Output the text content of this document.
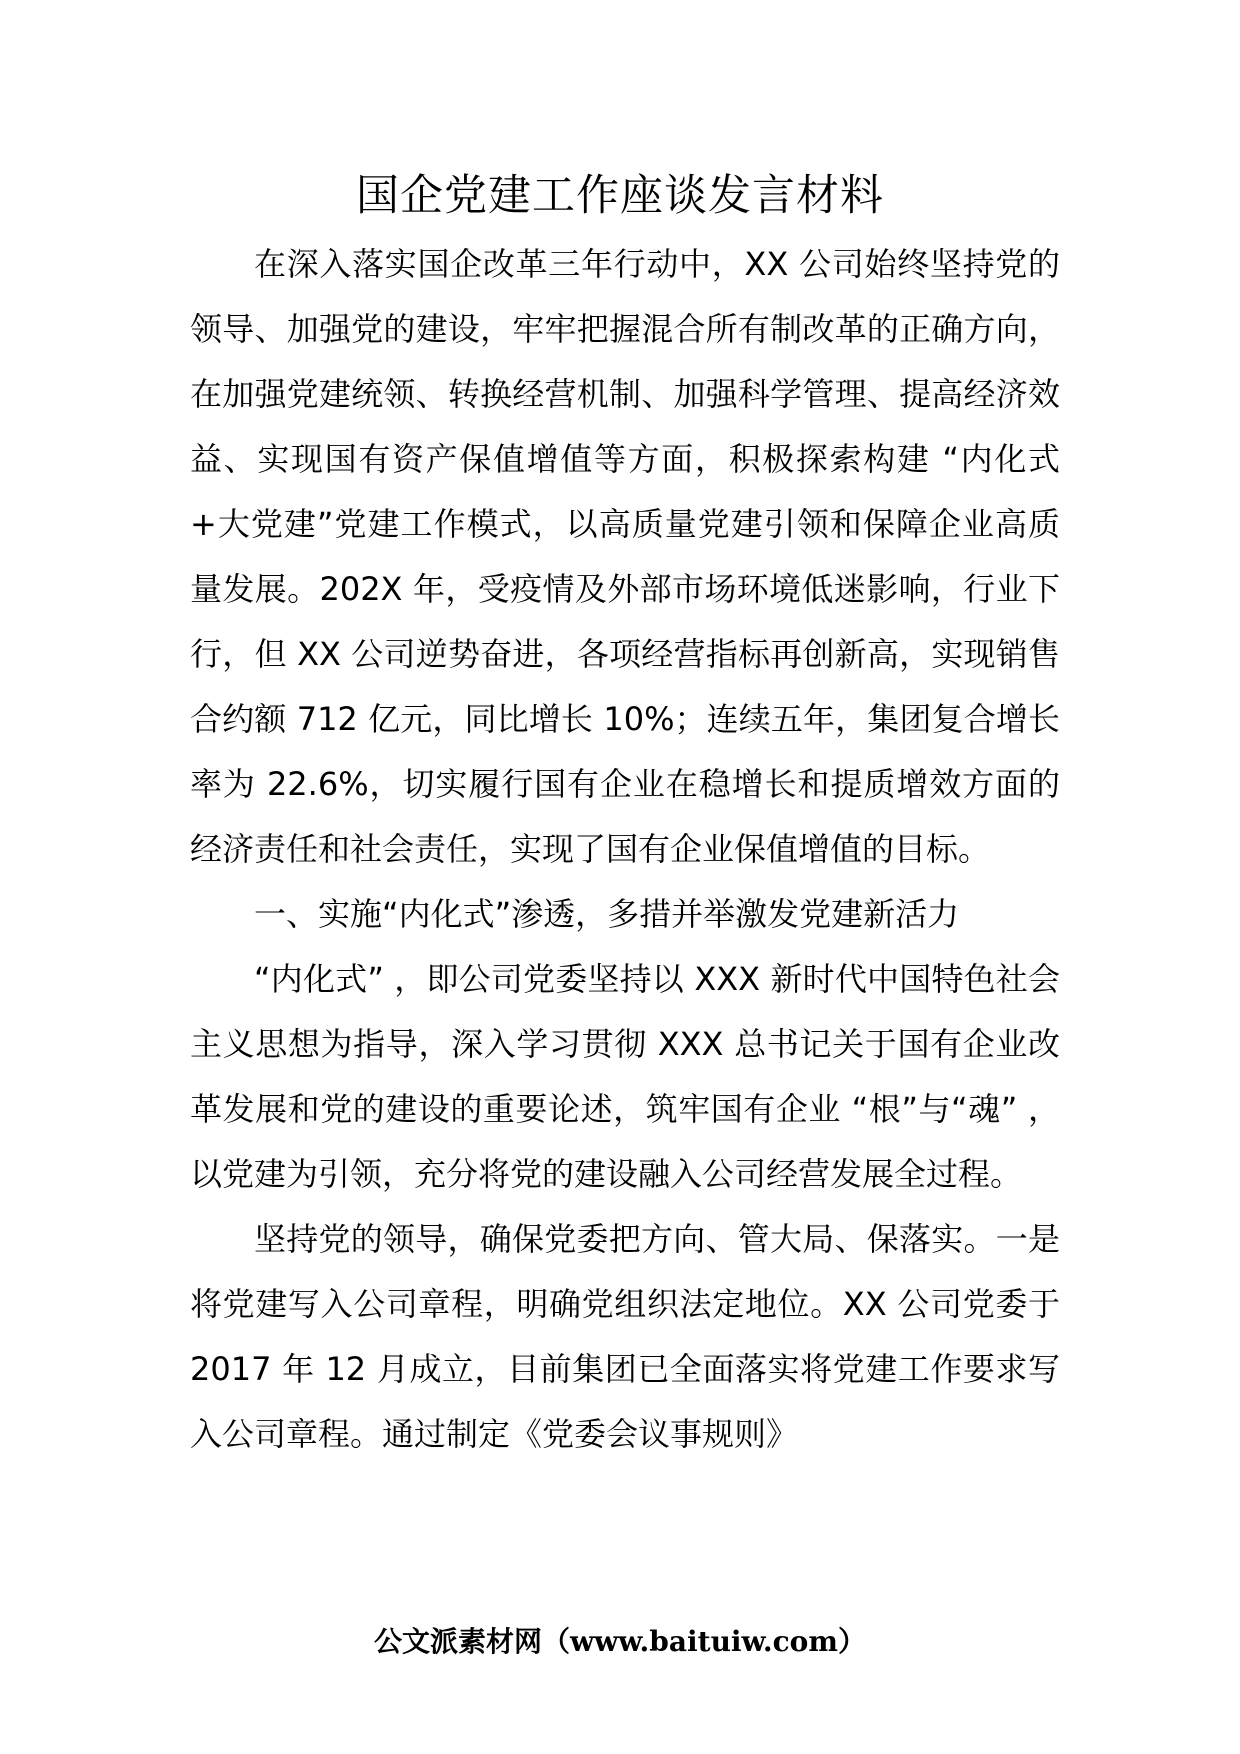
国企党建工作座谈发言材料

在深入落实国企改革三年行动中，XX 公司始终坚持党的领导、加强党的建设，牢牢把握混合所有制改革的正确方向，在加强党建统领、转换经营机制、加强科学管理、提高经济效益、实现国有资产保值增值等方面，积极探索构建 “内化式+大党建”党建工作模式，以高质量党建引领和保障企业高质量发展。202X 年，受疫情及外部市场环境低迷影响，行业下行，但 XX 公司逆势奋进，各项经营指标再创新高，实现销售合约额 712 亿元，同比增长 10%；连续五年，集团复合增长率为 22.6%，切实履行国有企业在稳增长和提质增效方面的经济责任和社会责任，实现了国有企业保值增值的目标。

一、实施“内化式”渗透，多措并举激发党建新活力

“内化式” ，即公司党委坚持以 XXX 新时代中国特色社会主义思想为指导，深入学习贯彻 XXX 总书记关于国有企业改革发展和党的建设的重要论述，筑牢国有企业 “根”与“魂” ，以党建为引领，充分将党的建设融入公司经营发展全过程。

坚持党的领导，确保党委把方向、管大局、保落实。一是将党建写入公司章程，明确党组织法定地位。XX 公司党委于 2017 年 12 月成立，目前集团已全面落实将党建工作要求写入公司章程。通过制定《党委会议事规则》

公文派素材网（www.baituiw.com）
